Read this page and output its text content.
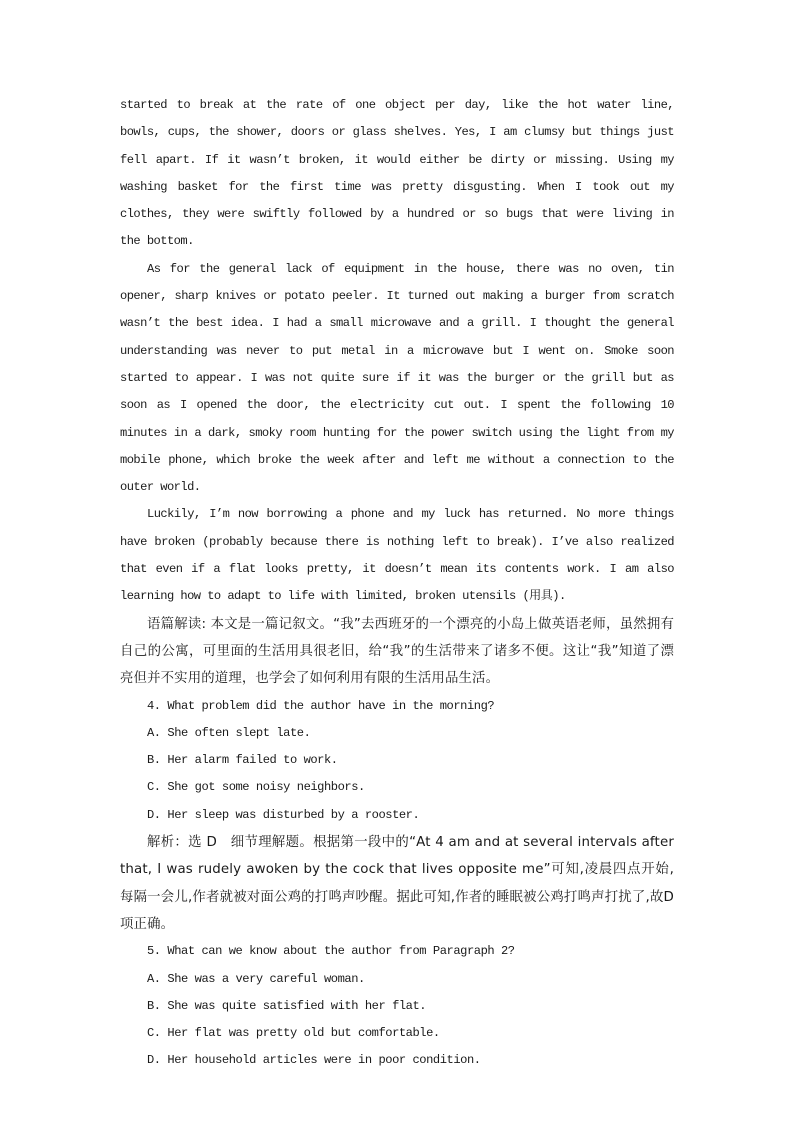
started to break at the rate of one object per day, like the hot water line, bowls, cups, the shower, doors or glass shelves. Yes, I am clumsy but things just fell apart. If it wasn’t broken, it would either be dirty or missing. Using my washing basket for the first time was pretty disgusting. When I took out my clothes, they were swiftly followed by a hundred or so bugs that were living in the bottom.

As for the general lack of equipment in the house, there was no oven, tin opener, sharp knives or potato peeler. It turned out making a burger from scratch wasn’t the best idea. I had a small microwave and a grill. I thought the general understanding was never to put metal in a microwave but I went on. Smoke soon started to appear. I was not quite sure if it was the burger or the grill but as soon as I opened the door, the electricity cut out. I spent the following 10 minutes in a dark, smoky room hunting for the power switch using the light from my mobile phone, which broke the week after and left me without a connection to the outer world.

Luckily, I’m now borrowing a phone and my luck has returned. No more things have broken (probably because there is nothing left to break). I’ve also realized that even if a flat looks pretty, it doesn’t mean its contents work. I am also learning how to adapt to life with limited, broken utensils (用具).

语篇解读: 本文是一篇记叙文。“我”去西班牙的一个漂亮的小岛上做英语老师，虽然拥有自己的公寓，可里面的生活用具很老旧，给“我”的生活带来了诸多不便。这让“我”知道了漂亮但并不实用的道理，也学会了如何利用有限的生活用品生活。

4. What problem did the author have in the morning?

A. She often slept late.

B. Her alarm failed to work.

C. She got some noisy neighbors.

D. Her sleep was disturbed by a rooster.

解析：选 D　细节理解题。根据第一段中的“At 4 am and at several intervals after that, I was rudely awoken by the cock that lives opposite me”可知,凌晨四点开始,每隔一会儿,作者就被对面公鸡的打鸣声吵醒。据此可知,作者的睡眠被公鸡打鸣声打扰了,故D项正确。

5. What can we know about the author from Paragraph 2?

A. She was a very careful woman.

B. She was quite satisfied with her flat.

C. Her flat was pretty old but comfortable.

D. Her household articles were in poor condition.
